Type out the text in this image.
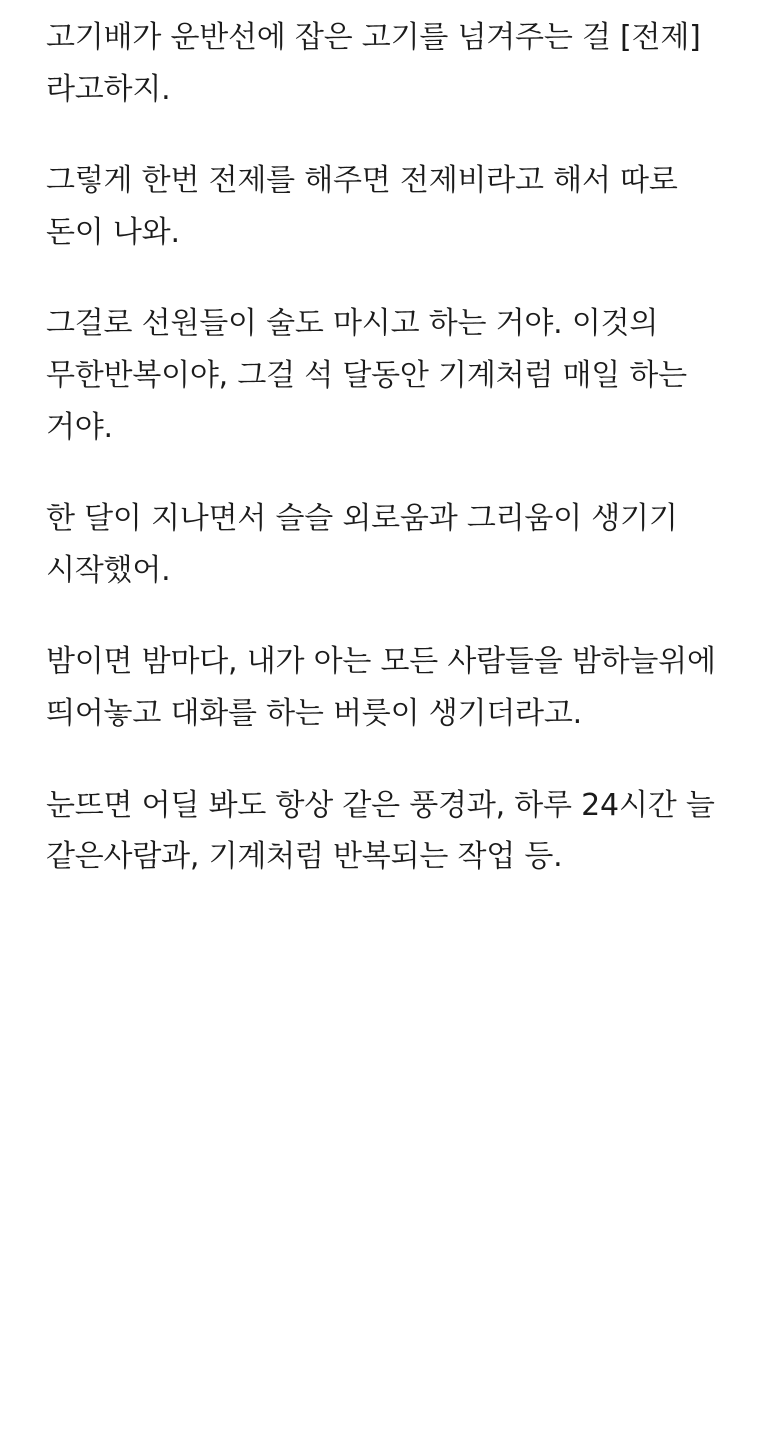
고기배가 운반선에 잡은 고기를 넘겨주는 걸 [전제]라고하지.

그렇게 한번 전제를 해주면 전제비라고 해서 따로 돈이 나와.

그걸로 선원들이 술도 마시고 하는 거야. 이것의 무한반복이야, 그걸 석 달동안 기계처럼 매일 하는 거야.

한 달이 지나면서 슬슬 외로움과 그리움이 생기기 시작했어.

밤이면 밤마다, 내가 아는 모든 사람들을 밤하늘위에 띄어놓고 대화를 하는 버릇이 생기더라고.

눈뜨면 어딜 봐도 항상 같은 풍경과, 하루 24시간 늘 같은사람과, 기계처럼 반복되는 작업 등.
